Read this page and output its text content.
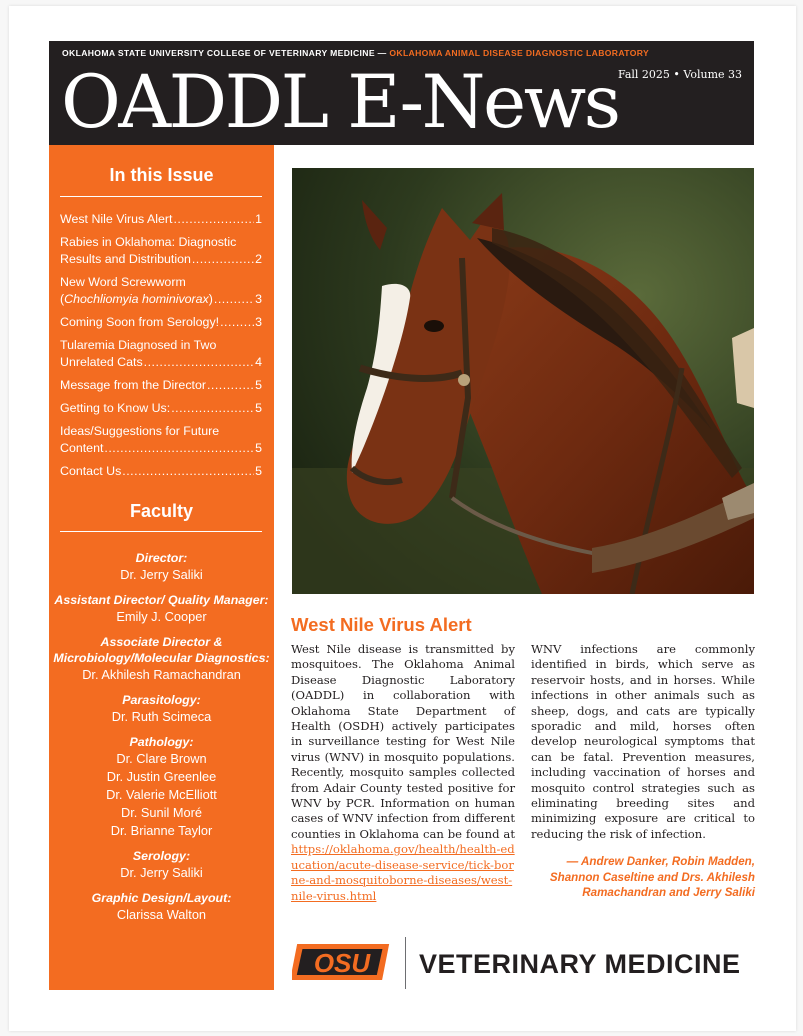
OKLAHOMA STATE UNIVERSITY COLLEGE OF VETERINARY MEDICINE — OKLAHOMA ANIMAL DISEASE DIAGNOSTIC LABORATORY
OADDL E-News Fall 2025 • Volume 33
In this Issue
West Nile Virus Alert .....	1
Rabies in Oklahoma: Diagnostic
Results and Distribution .....	2
New Word Screwworm
(Chochliomyia hominivorax) .....	3
Coming Soon from Serology! .....	3
Tularemia Diagnosed in Two
Unrelated Cats .....	4
Message from the Director .....	5
Getting to Know Us: .....	5
Ideas/Suggestions for Future
Content .....	5
Contact Us .....	5
Faculty
Director:
Dr. Jerry Saliki
Assistant Director/ Quality Manager:
Emily J. Cooper
Associate Director & Microbiology/Molecular Diagnostics:
Dr. Akhilesh Ramachandran
Parasitology:
Dr. Ruth Scimeca
Pathology:
Dr. Clare Brown
Dr. Justin Greenlee
Dr. Valerie McElliott
Dr. Sunil Moré
Dr. Brianne Taylor
Serology:
Dr. Jerry Saliki
Graphic Design/Layout:
Clarissa Walton
West Nile Virus Alert
West Nile disease is transmitted by mosquitoes. The Oklahoma Animal Disease Diagnostic Laboratory (OADDL) in collaboration with Oklahoma State Department of Health (OSDH) actively participates in surveillance testing for West Nile virus (WNV) in mosquito populations. Recently, mosquito samples collected from Adair County tested positive for WNV by PCR. Information on human cases of WNV infection from different counties in Oklahoma can be found at https://oklahoma.gov/health/health-education/acute-disease-service/tick-borne-and-mosquitoborne-diseases/west-nile-virus.html
WNV infections are commonly identified in birds, which serve as reservoir hosts, and in horses. While infections in other animals such as sheep, dogs, and cats are typically sporadic and mild, horses often develop neurological symptoms that can be fatal. Prevention measures, including vaccination of horses and mosquito control strategies such as eliminating breeding sites and minimizing exposure are critical to reducing the risk of infection.
— Andrew Danker, Robin Madden, Shannon Caseltine and Drs. Akhilesh Ramachandran and Jerry Saliki
OSU VETERINARY MEDICINE
